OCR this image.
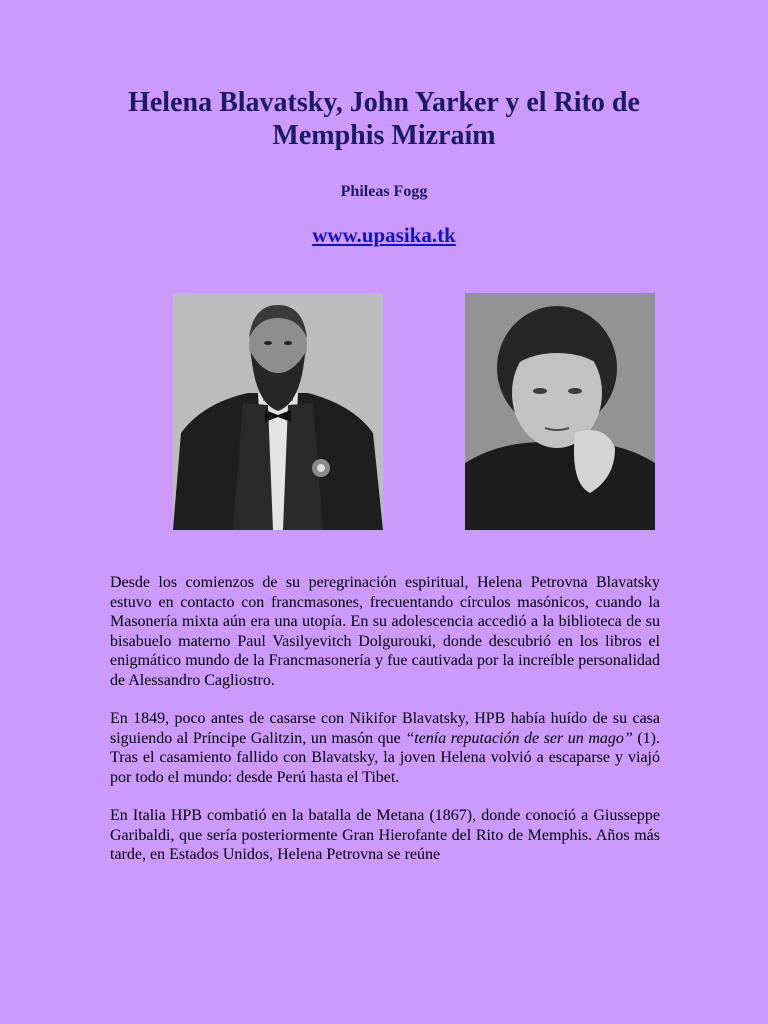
Helena Blavatsky, John Yarker y el Rito de Memphis Mizraím
Phileas Fogg
www.upasika.tk

Desde los comienzos de su peregrinación espiritual, Helena Petrovna Blavatsky estuvo en contacto con francmasones, frecuentando círculos masónicos, cuando la Masonería mixta aún era una utopía. En su adolescencia accedió a la biblioteca de su bisabuelo materno Paul Vasilyevitch Dolgurouki, donde descubrió en los libros el enigmático mundo de la Francmasonería y fue cautivada por la increíble personalidad de Alessandro Cagliostro.

En 1849, poco antes de casarse con Nikifor Blavatsky, HPB había huído de su casa siguiendo al Príncipe Galitzin, un masón que “tenía reputación de ser un mago” (1). Tras el casamiento fallido con Blavatsky, la joven Helena volvió a escaparse y viajó por todo el mundo: desde Perú hasta el Tibet.

En Italia HPB combatió en la batalla de Metana (1867), donde conoció a Giusseppe Garibaldi, que sería posteriormente Gran Hierofante del Rito de Memphis. Años más tarde, en Estados Unidos, Helena Petrovna se reúne
